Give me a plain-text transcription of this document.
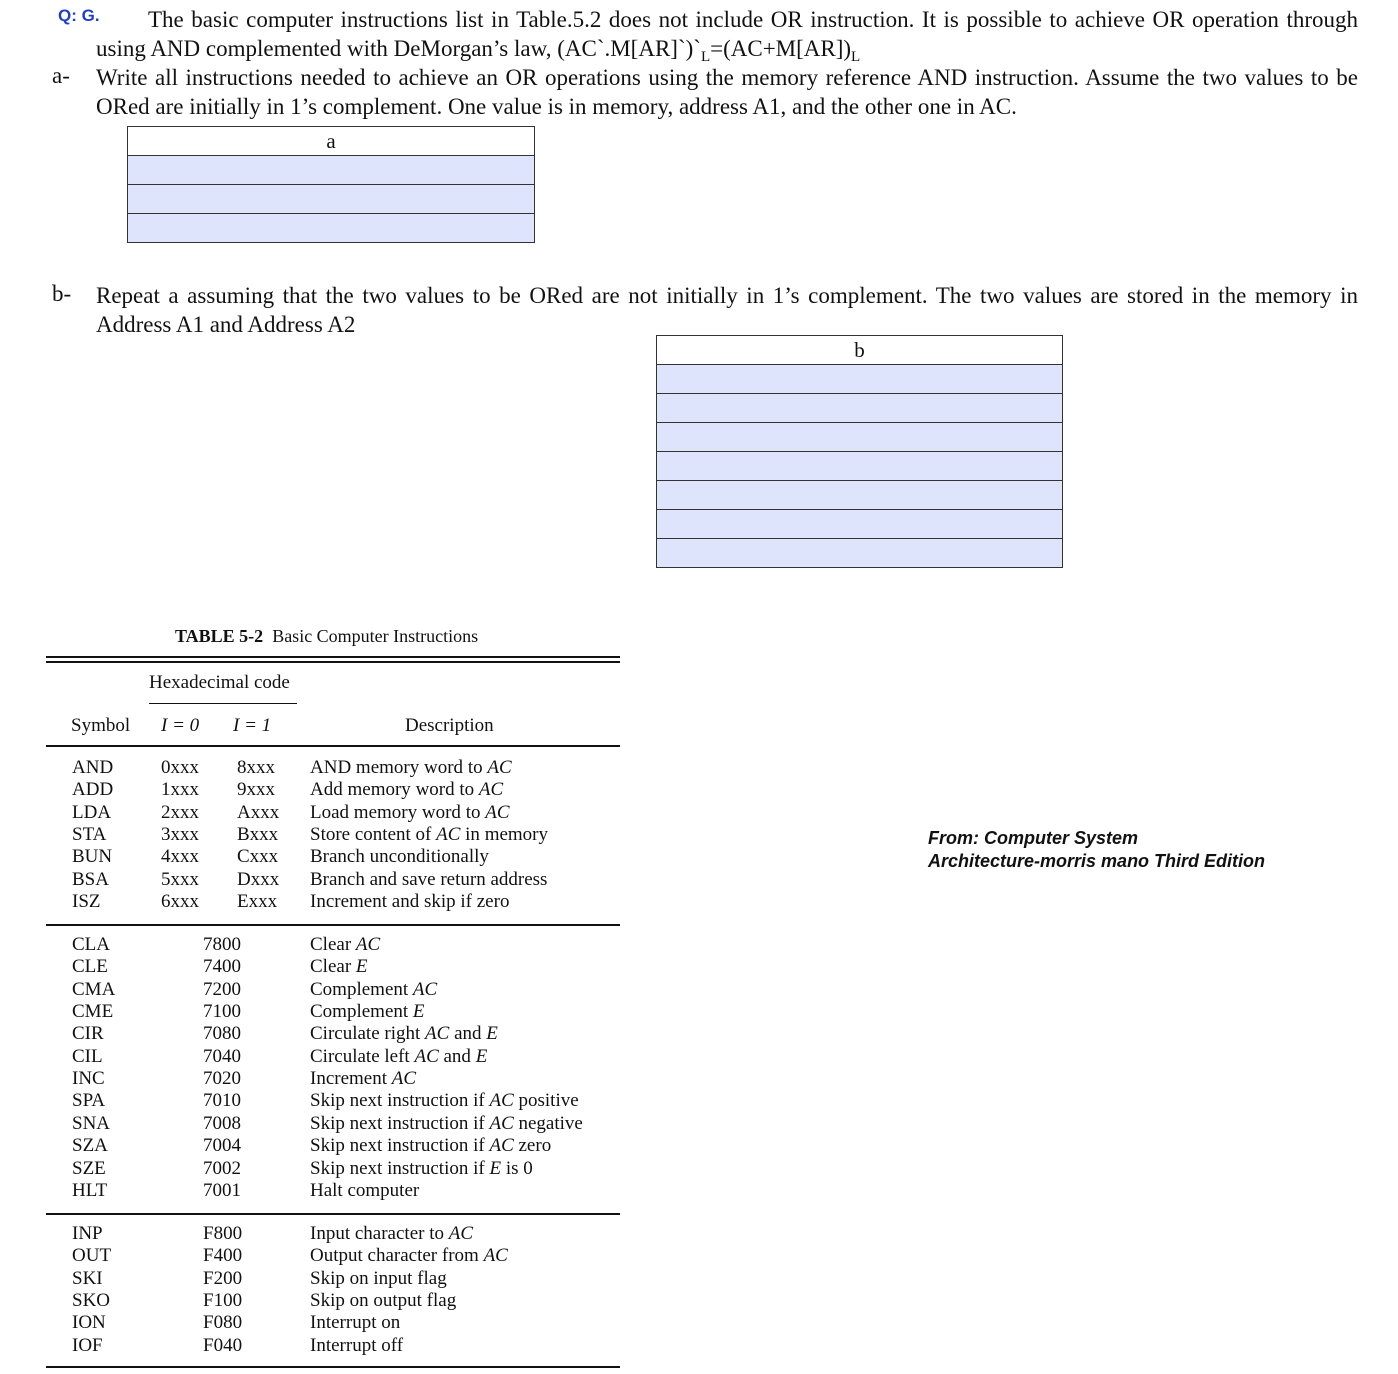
Q: G.	The basic computer instructions list in Table.5.2 does not include OR instruction. It is possible to achieve OR operation through using AND complemented with DeMorgan’s law, $(AC`.M[AR]`)`_L=(AC+M[AR])_L$
a- Write all instructions needed to achieve an OR operations using the memory reference AND instruction. Assume the two values to be ORed are initially in 1’s complement. One value is in memory, address A1, and the other one in AC.
a

b- Repeat a assuming that the two values to be ORed are not initially in 1’s complement. The two values are stored in the memory in Address A1 and Address A2
b

TABLE 5-2 Basic Computer Instructions
Hexadecimal code
Symbol I = 0 I = 1	Description
AND	0xxx 8xxx AND memory word to AC
ADD	1xxx 9xxx Add memory word to AC
LDA	2xxx Axxx Load memory word to AC
STA	3xxx Bxxx Store content of AC in memory
BUN	4xxx Cxxx Branch unconditionally
BSA	5xxx Dxxx Branch and save return address
ISZ	6xxx Exxx Increment and skip if zero
CLA	7800	Clear AC
CLE	7400	Clear E
CMA	7200	Complement AC
CME	7100	Complement E
CIR	7080	Circulate right AC and E
CIL	7040	Circulate left AC and E
INC	7020	Increment AC
SPA	7010	Skip next instruction if AC positive
SNA	7008	Skip next instruction if AC negative
SZA	7004	Skip next instruction if AC zero
SZE	7002	Skip next instruction if E is 0
HLT	7001	Halt computer
INP	F800	Input character to AC
OUT	F400	Output character from AC
SKI	F200	Skip on input flag
SKO	F100	Skip on output flag
ION	F080	Interrupt on
IOF	F040	Interrupt off
From: Computer System
Architecture-morris mano Third Edition
